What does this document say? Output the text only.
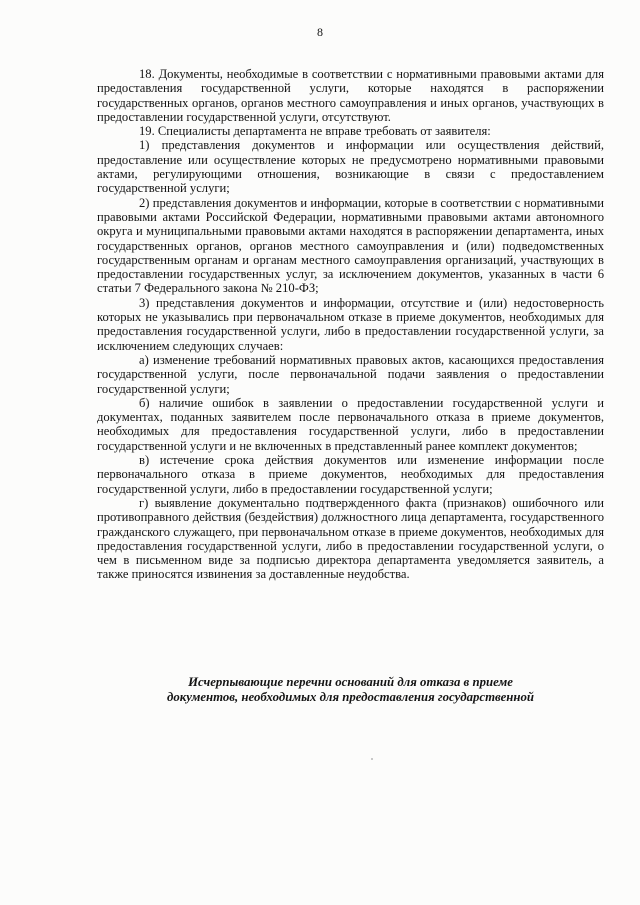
8

18. Документы, необходимые в соответствии с нормативными правовыми актами для предоставления государственной услуги, которые находятся в распоряжении государственных органов, органов местного самоуправления и иных органов, участвующих в предоставлении государственной услуги, отсутствуют.

19. Специалисты департамента не вправе требовать от заявителя:

1) представления документов и информации или осуществления действий, предоставление или осуществление которых не предусмотрено нормативными правовыми актами, регулирующими отношения, возникающие в связи с предоставлением государственной услуги;

2) представления документов и информации, которые в соответствии с нормативными правовыми актами Российской Федерации, нормативными правовыми актами автономного округа и муниципальными правовыми актами находятся в распоряжении департамента, иных государственных органов, органов местного самоуправления и (или) подведомственных государственным органам и органам местного самоуправления организаций, участвующих в предоставлении государственных услуг, за исключением документов, указанных в части 6 статьи 7 Федерального закона № 210-ФЗ;

3) представления документов и информации, отсутствие и (или) недостоверность которых не указывались при первоначальном отказе в приеме документов, необходимых для предоставления государственной услуги, либо в предоставлении государственной услуги, за исключением следующих случаев:

а) изменение требований нормативных правовых актов, касающихся предоставления государственной услуги, после первоначальной подачи заявления о предоставлении государственной услуги;

б) наличие ошибок в заявлении о предоставлении государственной услуги и документах, поданных заявителем после первоначального отказа в приеме документов, необходимых для предоставления государственной услуги, либо в предоставлении государственной услуги и не включенных в представленный ранее комплект документов;

в) истечение срока действия документов или изменение информации после первоначального отказа в приеме документов, необходимых для предоставления государственной услуги, либо в предоставлении государственной услуги;

г) выявление документально подтвержденного факта (признаков) ошибочного или противоправного действия (бездействия) должностного лица департамента, государственного гражданского служащего, при первоначальном отказе в приеме документов, необходимых для предоставления государственной услуги, либо в предоставлении государственной услуги, о чем в письменном виде за подписью директора департамента уведомляется заявитель, а также приносятся извинения за доставленные неудобства.

Исчерпывающие перечни оснований для отказа в приеме
документов, необходимых для предоставления государственной
